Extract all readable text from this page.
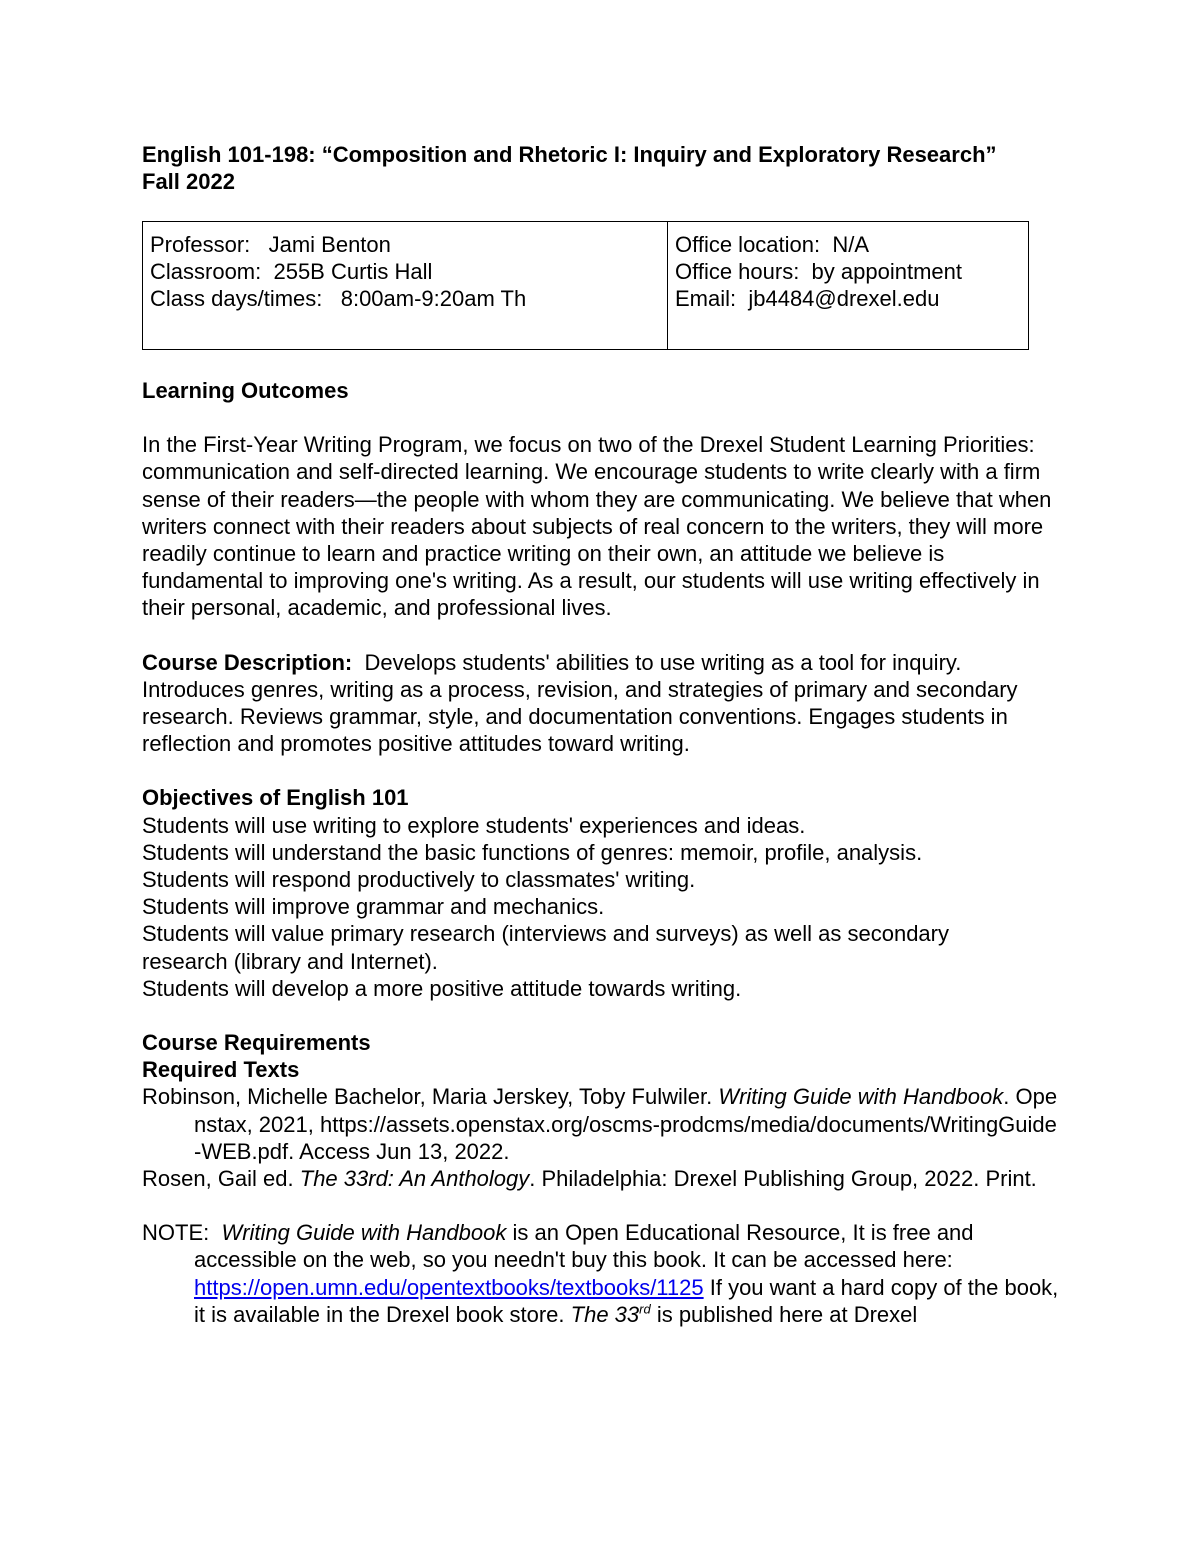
English 101-198: “Composition and Rhetoric I: Inquiry and Exploratory Research”

Fall 2022

Professor:   Jami Benton
Classroom:  255B Curtis Hall
Class days/times:   8:00am-9:20am Th

Office location:  N/A
Office hours:  by appointment
Email:  jb4484@drexel.edu

Learning Outcomes

In the First-Year Writing Program, we focus on two of the Drexel Student Learning Priorities: communication and self-directed learning. We encourage students to write clearly with a firm sense of their readers—the people with whom they are communicating. We believe that when writers connect with their readers about subjects of real concern to the writers, they will more readily continue to learn and practice writing on their own, an attitude we believe is fundamental to improving one's writing. As a result, our students will use writing effectively in their personal, academic, and professional lives.

Course Description: Develops students' abilities to use writing as a tool for inquiry. Introduces genres, writing as a process, revision, and strategies of primary and secondary research. Reviews grammar, style, and documentation conventions. Engages students in reflection and promotes positive attitudes toward writing.

Objectives of English 101

Students will use writing to explore students' experiences and ideas.

Students will understand the basic functions of genres: memoir, profile, analysis.

Students will respond productively to classmates' writing.

Students will improve grammar and mechanics.

Students will value primary research (interviews and surveys) as well as secondary research (library and Internet).

Students will develop a more positive attitude towards writing.

Course Requirements

Required Texts

Robinson, Michelle Bachelor, Maria Jerskey, Toby Fulwiler. Writing Guide with Handbook. Openstax, 2021, https://assets.openstax.org/oscms-prodcms/media/documents/WritingGuide-WEB.pdf. Access Jun 13, 2022.

Rosen, Gail ed. The 33rd: An Anthology. Philadelphia: Drexel Publishing Group, 2022. Print.

NOTE:  Writing Guide with Handbook is an Open Educational Resource, It is free and accessible on the web, so you needn't buy this book. It can be accessed here: https://open.umn.edu/opentextbooks/textbooks/1125 If you want a hard copy of the book, it is available in the Drexel book store. The 33rd is published here at Drexel
